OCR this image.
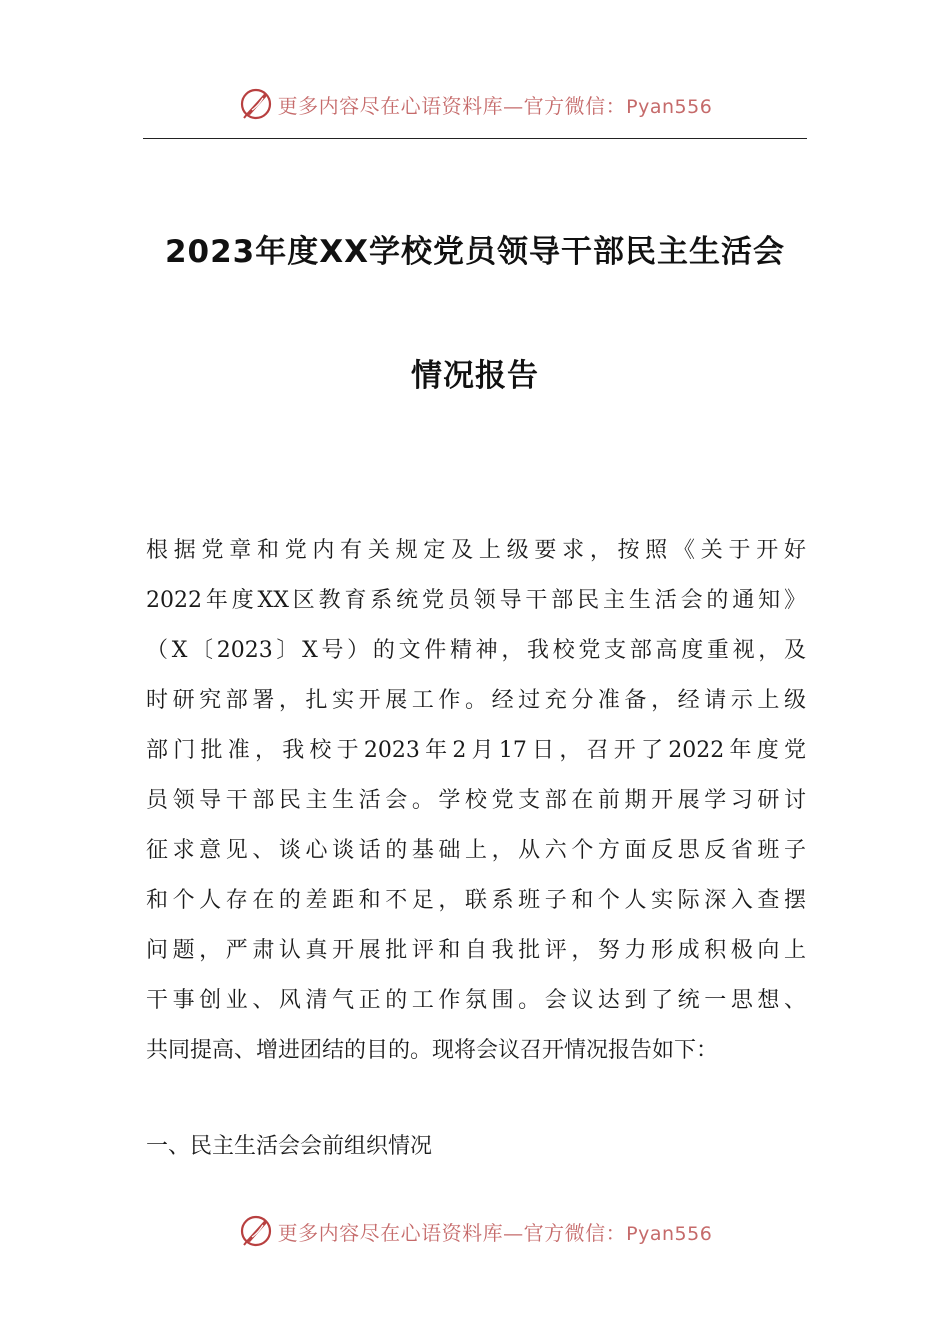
更多内容尽在心语资料库—官方微信：Pyan556
2023年度XX学校党员领导干部民主生活会
情况报告
根据党章和党内有关规定及上级要求，按照《关于开好
2022年度XX区教育系统党员领导干部民主生活会的通知》
（X〔2023〕X号）的文件精神，我校党支部高度重视，及
时研究部署，扎实开展工作。经过充分准备，经请示上级
部门批准，我校于2023年2月17日，召开了2022年度党
员领导干部民主生活会。学校党支部在前期开展学习研讨
征求意见、谈心谈话的基础上，从六个方面反思反省班子
和个人存在的差距和不足，联系班子和个人实际深入查摆
问题，严肃认真开展批评和自我批评，努力形成积极向上
干事创业、风清气正的工作氛围。会议达到了统一思想、
共同提高、增进团结的目的。现将会议召开情况报告如下：
一、民主生活会会前组织情况
更多内容尽在心语资料库—官方微信：Pyan556
